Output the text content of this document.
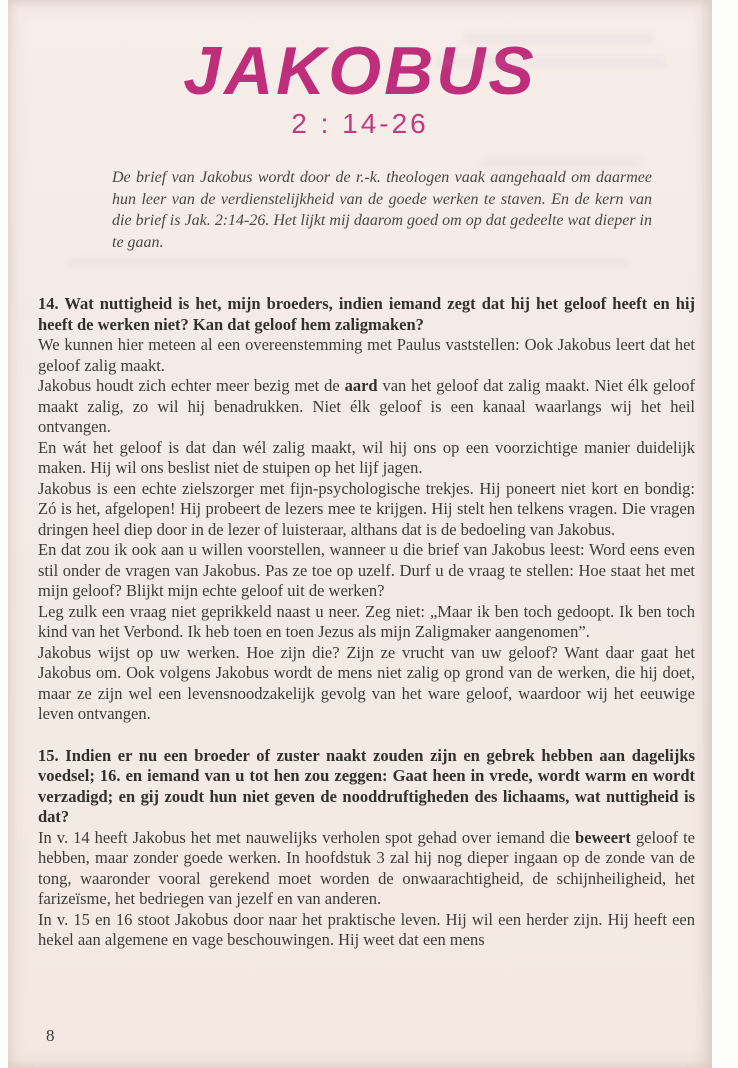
JAKOBUS
2 : 14-26
De brief van Jakobus wordt door de r.-k. theologen vaak aangehaald om daarmee hun leer van de verdienstelijkheid van de goede werken te staven. En de kern van die brief is Jak. 2:14-26. Het lijkt mij daarom goed om op dat gedeelte wat dieper in te gaan.

14. Wat nuttigheid is het, mijn broeders, indien iemand zegt dat hij het geloof heeft en hij heeft de werken niet? Kan dat geloof hem zaligmaken?

We kunnen hier meteen al een overeenstemming met Paulus vaststellen: Ook Jakobus leert dat het geloof zalig maakt.

Jakobus houdt zich echter meer bezig met de aard van het geloof dat zalig maakt. Niet élk geloof maakt zalig, zo wil hij benadrukken. Niet élk geloof is een kanaal waarlangs wij het heil ontvangen.

En wát het geloof is dat dan wél zalig maakt, wil hij ons op een voorzichtige manier duidelijk maken. Hij wil ons beslist niet de stuipen op het lijf jagen.

Jakobus is een echte zielszorger met fijn-psychologische trekjes. Hij poneert niet kort en bondig: Zó is het, afgelopen! Hij probeert de lezers mee te krijgen. Hij stelt hen telkens vragen. Die vragen dringen heel diep door in de lezer of luisteraar, althans dat is de bedoeling van Jakobus.

En dat zou ik ook aan u willen voorstellen, wanneer u die brief van Jakobus leest: Word eens even stil onder de vragen van Jakobus. Pas ze toe op uzelf. Durf u de vraag te stellen: Hoe staat het met mijn geloof? Blijkt mijn echte geloof uit de werken?

Leg zulk een vraag niet geprikkeld naast u neer. Zeg niet: „Maar ik ben toch gedoopt. Ik ben toch kind van het Verbond. Ik heb toen en toen Jezus als mijn Zaligmaker aangenomen”.

Jakobus wijst op uw werken. Hoe zijn die? Zijn ze vrucht van uw geloof? Want daar gaat het Jakobus om. Ook volgens Jakobus wordt de mens niet zalig op grond van de werken, die hij doet, maar ze zijn wel een levensnoodzakelijk gevolg van het ware geloof, waardoor wij het eeuwige leven ontvangen.

15. Indien er nu een broeder of zuster naakt zouden zijn en gebrek hebben aan dagelijks voedsel; 16. en iemand van u tot hen zou zeggen: Gaat heen in vrede, wordt warm en wordt verzadigd; en gij zoudt hun niet geven de nooddruftigheden des lichaams, wat nuttigheid is dat?

In v. 14 heeft Jakobus het met nauwelijks verholen spot gehad over iemand die beweert geloof te hebben, maar zonder goede werken. In hoofdstuk 3 zal hij nog dieper ingaan op de zonde van de tong, waaronder vooral gerekend moet worden de onwaarachtigheid, de schijnheiligheid, het farizeïsme, het bedriegen van jezelf en van anderen.

In v. 15 en 16 stoot Jakobus door naar het praktische leven. Hij wil een herder zijn. Hij heeft een hekel aan algemene en vage beschouwingen. Hij weet dat een mens

8
